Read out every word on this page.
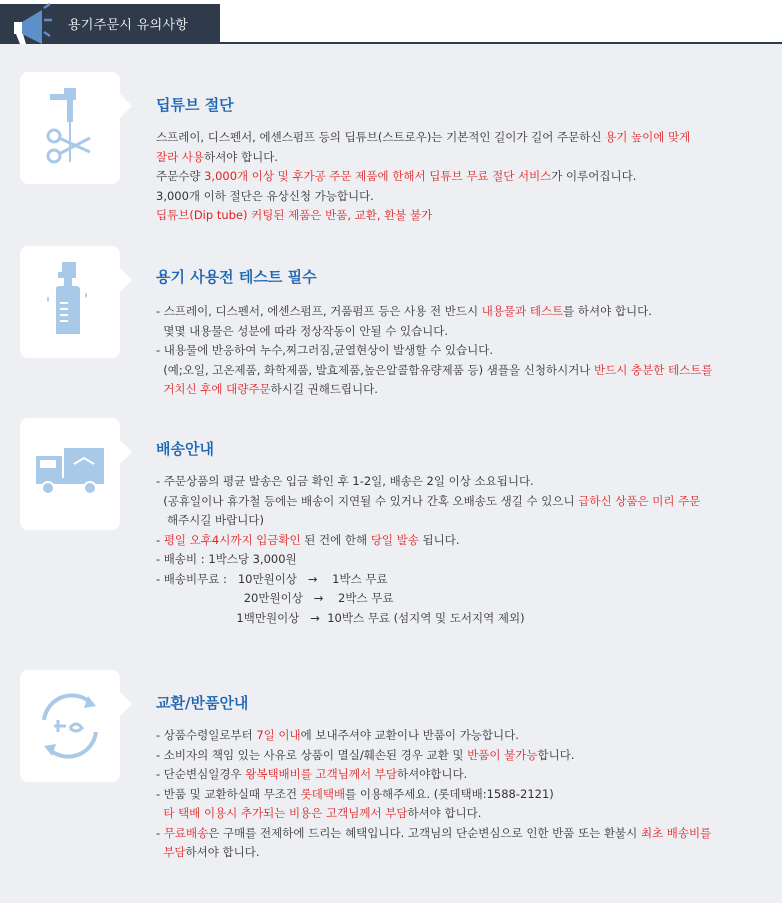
용기주문시 유의사항
딥튜브 절단
스프레이, 디스펜서, 에센스펌프 등의 딥튜브(스트로우)는 기본적인 길이가 길어 주문하신 용기 높이에 맞게
잘라 사용하셔야 합니다.
주문수량 3,000개 이상 및 후가공 주문 제품에 한해서 딥튜브 무료 절단 서비스가 이루어집니다.
3,000개 이하 절단은 유상신청 가능합니다.
딥튜브(Dip tube) 커팅된 제품은 반품, 교환, 환불 불가
용기 사용전 테스트 필수
- 스프레이, 디스펜서, 에센스펌프, 거품펌프 등은 사용 전 반드시 내용물과 테스트를 하셔야 합니다.
몇몇 내용물은 성분에 따라 정상작동이 안될 수 있습니다.
- 내용물에 반응하여 누수,찌그러짐,균열현상이 발생할 수 있습니다.
(예;오일, 고온제품, 화학제품, 발효제품,높은알콜함유량제품 등) 샘플을 신청하시거나 반드시 충분한 테스트를
거치신 후에 대량주문하시길 권해드립니다.
배송안내
- 주문상품의 평균 발송은 입금 확인 후 1-2일, 배송은 2일 이상 소요됩니다.
(공휴일이나 휴가철 등에는 배송이 지연될 수 있거나 간혹 오배송도 생길 수 있으니 급하신 상품은 미리 주문
해주시길 바랍니다)
- 평일 오후4시까지 입금확인 된 건에 한해 당일 발송 됩니다.
- 배송비 : 1박스당 3,000원
- 배송비무료 :   10만원이상   →    1박스 무료
20만원이상   →    2박스 무료
1백만원이상   →  10박스 무료 (섬지역 및 도서지역 제외)
교환/반품안내
- 상품수령일로부터 7일 이내에 보내주셔야 교환이나 반품이 가능합니다.
- 소비자의 책임 있는 사유로 상품이 멸실/훼손된 경우 교환 및 반품이 불가능합니다.
- 단순변심일경우 왕복택배비를 고객님께서 부담하셔야합니다.
- 반품 및 교환하실때 무조건 롯데택배를 이용해주세요. (롯데택배:1588-2121)
타 택배 이용시 추가되는 비용은 고객님께서 부담하셔야 합니다.
- 무료배송은 구매를 전제하에 드리는 혜택입니다. 고객님의 단순변심으로 인한 반품 또는 환불시 최초 배송비를
부담하셔야 합니다.
